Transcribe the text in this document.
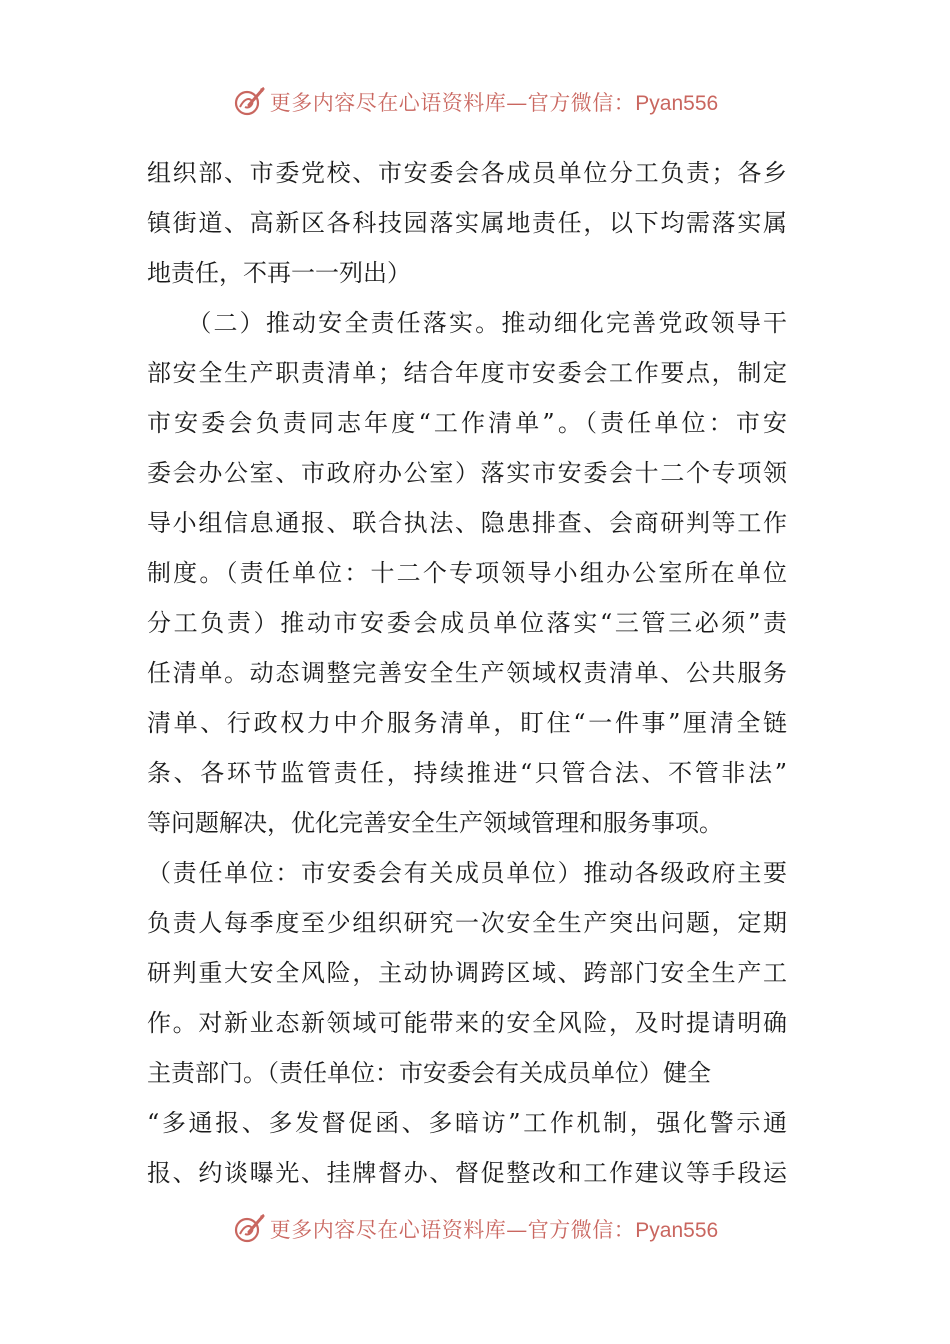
更多内容尽在心语资料库—官方微信：Pyan556
组织部、市委党校、市安委会各成员单位分工负责；各乡
镇街道、高新区各科技园落实属地责任，以下均需落实属
地责任，不再一一列出）
　　（二）推动安全责任落实。推动细化完善党政领导干
部安全生产职责清单；结合年度市安委会工作要点，制定
市安委会负责同志年度“工作清单”。（责任单位：市安
委会办公室、市政府办公室）落实市安委会十二个专项领
导小组信息通报、联合执法、隐患排查、会商研判等工作
制度。（责任单位：十二个专项领导小组办公室所在单位
分工负责）推动市安委会成员单位落实“三管三必须”责
任清单。动态调整完善安全生产领域权责清单、公共服务
清单、行政权力中介服务清单，盯住“一件事”厘清全链
条、各环节监管责任，持续推进“只管合法、不管非法”
等问题解决，优化完善安全生产领域管理和服务事项。
（责任单位：市安委会有关成员单位）推动各级政府主要
负责人每季度至少组织研究一次安全生产突出问题，定期
研判重大安全风险，主动协调跨区域、跨部门安全生产工
作。对新业态新领域可能带来的安全风险，及时提请明确
主责部门。（责任单位：市安委会有关成员单位）健全
“多通报、多发督促函、多暗访”工作机制，强化警示通
报、约谈曝光、挂牌督办、督促整改和工作建议等手段运
更多内容尽在心语资料库—官方微信：Pyan556
